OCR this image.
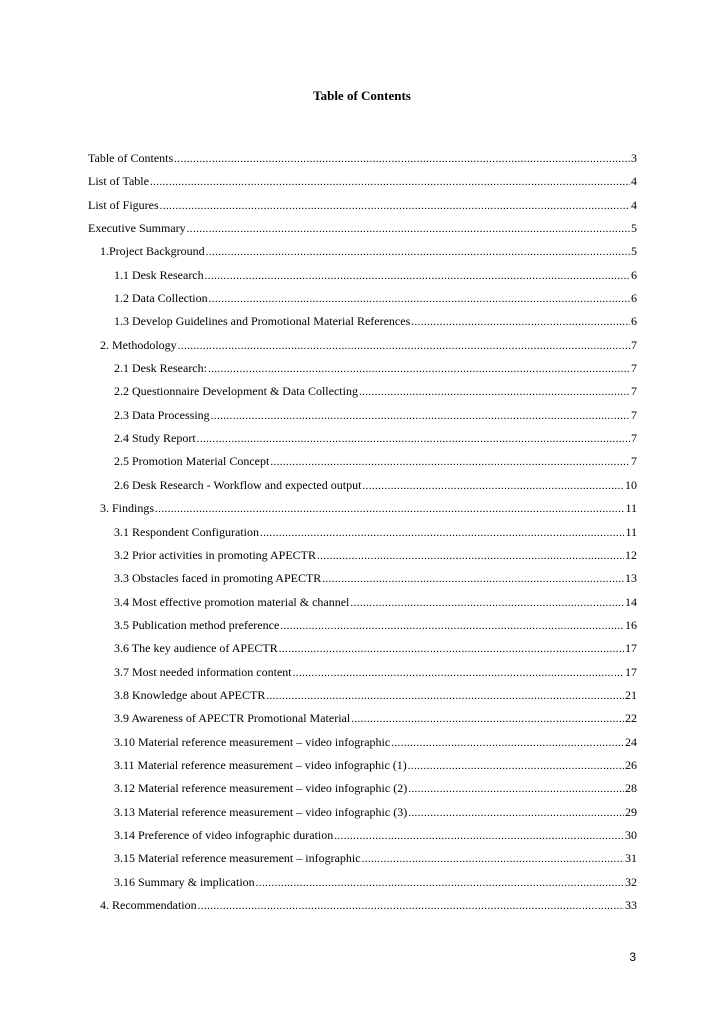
Table of Contents
Table of Contents .....	3
List of Table .....	4
List of Figures .....	4
Executive Summary .....	5
1.Project Background .....	5
1.1 Desk Research .....	6
1.2 Data Collection .....	6
1.3 Develop Guidelines and Promotional Material References .....	6
2. Methodology .....	7
2.1 Desk Research: .....	7
2.2 Questionnaire Development & Data Collecting .....	7
2.3 Data Processing .....	7
2.4 Study Report .....	7
2.5 Promotion Material Concept .....	7
2.6 Desk Research - Workflow and expected output .....	10
3. Findings .....	11
3.1 Respondent Configuration .....	11
3.2 Prior activities in promoting APECTR .....	12
3.3 Obstacles faced in promoting APECTR .....	13
3.4 Most effective promotion material & channel .....	14
3.5 Publication method preference .....	16
3.6 The key audience of APECTR .....	17
3.7 Most needed information content .....	17
3.8 Knowledge about APECTR .....	21
3.9 Awareness of APECTR Promotional Material .....	22
3.10 Material reference measurement – video infographic .....	24
3.11 Material reference measurement – video infographic (1) .....	26
3.12 Material reference measurement – video infographic (2) .....	28
3.13 Material reference measurement – video infographic (3) .....	29
3.14 Preference of video infographic duration .....	30
3.15 Material reference measurement – infographic .....	31
3.16 Summary & implication .....	32
4. Recommendation .....	33
3
